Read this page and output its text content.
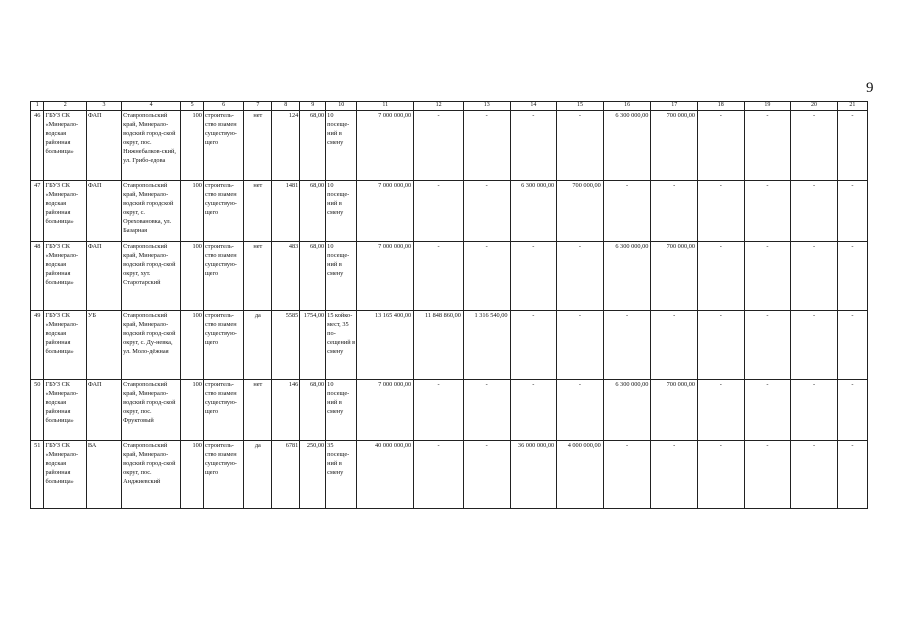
9
1	2	3	4	5	6	7	8	9	10	11	12	13	14	15	16	17	18	19	20	21
46	ГБУЗ СК «Минерало-водская районная больница»	ФАП	Ставропольский край, Минерало-водский город-ской округ, пос. Нижнебалков-ский, ул. Грибо-едова	100	строитель-ство взамен существую-щего	нет	124	68,00	10 посеще-ний в смену	7 000 000,00	-	-	-	-	6 300 000,00	700 000,00	-	-	-	-
47	ГБУЗ СК «Минерало-водская районная больница»	ФАП	Ставропольский край, Минерало-водский городской округ, с. Ореховановка, ул. Базарная	100	строитель-ство взамен существую-щего	нет	1481	68,00	10 посеще-ний в смену	7 000 000,00	-	-	6 300 000,00	700 000,00	-	-	-	-	-	-
48	ГБУЗ СК «Минерало-водская районная больница»	ФАП	Ставропольский край, Минерало-водский город-ской округ, хут. Старотарский	100	строитель-ство взамен существую-щего	нет	483	68,00	10 посеще-ний в смену	7 000 000,00	-	-	-	-	6 300 000,00	700 000,00	-	-	-	-
49	ГБУЗ СК «Минерало-водская районная больница»	УБ	Ставропольский край, Минерало-водский город-ской округ, с. Ду-невка, ул. Моло-дёжная	100	строитель-ство взамен существую-щего	да	5585	1754,00	15 койко-мест, 35 по-сещений в смену	13 165 400,00	11 848 860,00	1 316 540,00	-	-	-	-	-	-	-	-
50	ГБУЗ СК «Минерало-водская районная больница»	ФАП	Ставропольский край, Минерало-водский город-ской округ, пос. Фруктовый	100	строитель-ство взамен существую-щего	нет	146	68,00	10 посеще-ний в смену	7 000 000,00	-	-	-	-	6 300 000,00	700 000,00	-	-	-	-
51	ГБУЗ СК «Минерало-водская районная больница»	ВА	Ставропольский край, Минерало-водский город-ской округ, пос. Анджиевский	100	строитель-ство взамен существую-щего	да	6781	250,00	35 посеще-ний в смену	40 000 000,00	-	-	36 000 000,00	4 000 000,00	-	-	-	-	-	-
